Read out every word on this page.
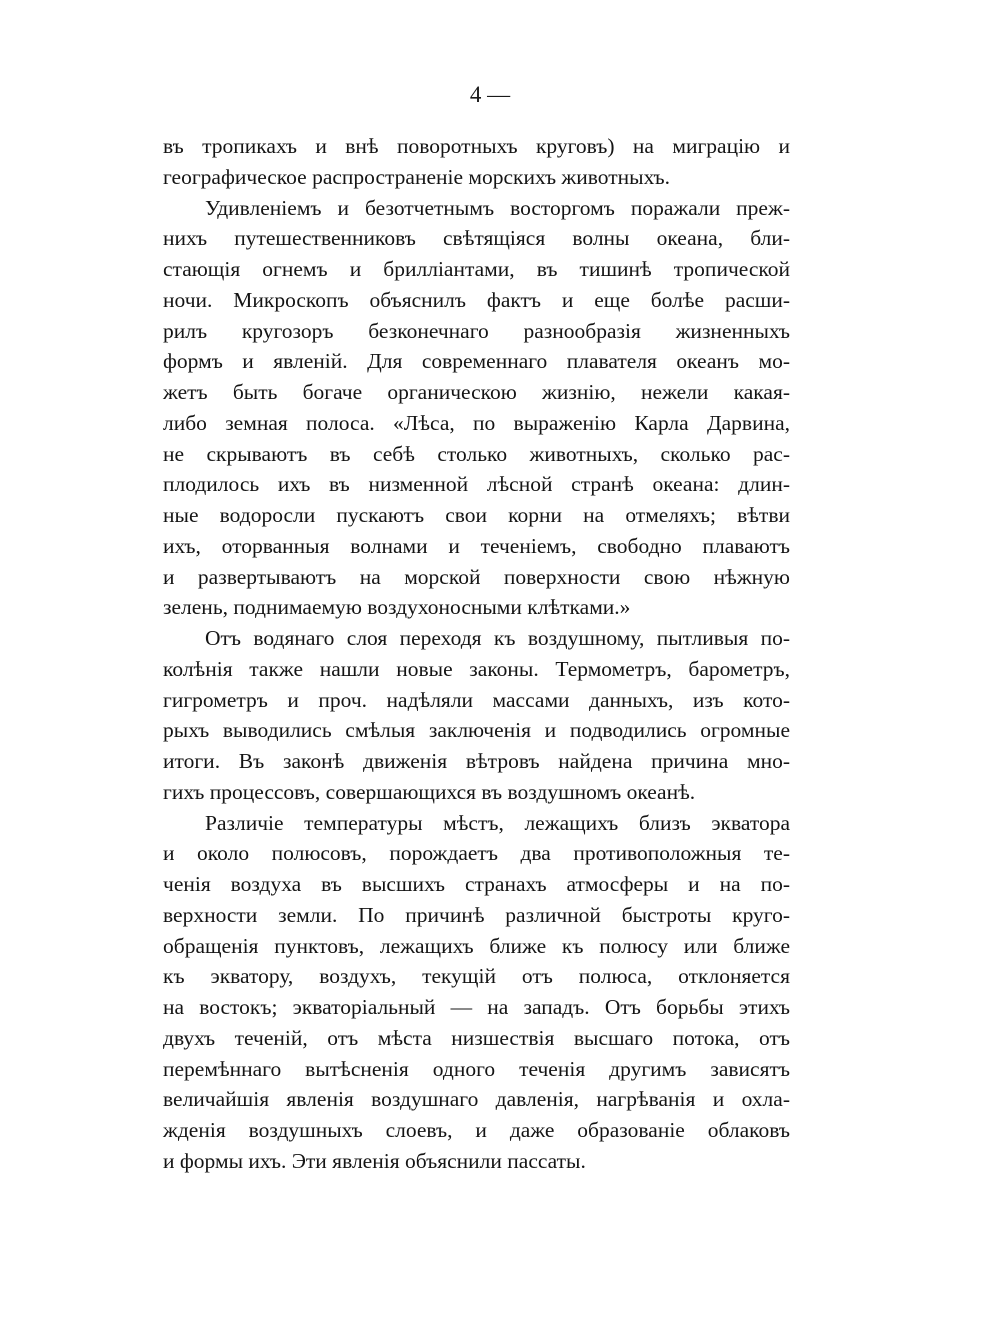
4 —
въ тропикахъ и внѣ поворотныхъ круговъ) на миграцію и
географическое распространеніе морскихъ животныхъ.
Удивленіемъ и безотчетнымъ восторгомъ поражали преж-
нихъ путешественниковъ свѣтящіяся волны океана, бли-
стающія огнемъ и бриллiантами, въ тишинѣ тропической
ночи. Микроскопъ объяснилъ фактъ и еще болѣе расши-
рилъ кругозоръ безконечнаго разнообразія жизненныхъ
формъ и явленій. Для современнаго плавателя океанъ мо-
жетъ быть богаче органическою жизнію, нежели какая-
либо земная полоса. «Лѣса, по выраженію Карла Дарвина,
не скрываютъ въ себѣ столько животныхъ, сколько рас-
плодилось ихъ въ низменной лѣсной странѣ океана: длин-
ные водоросли пускаютъ свои корни на отмеляхъ; вѣтви
ихъ, оторванныя волнами и теченіемъ, свободно плаваютъ
и развертываютъ на морской поверхности свою нѣжную
зелень, поднимаемую воздухоносными клѣтками.»
Отъ водянаго слоя переходя къ воздушному, пытливыя по-
колѣнія также нашли новые законы. Термометръ, барометръ,
гигрометръ и проч. надѣляли массами данныхъ, изъ кото-
рыхъ выводились смѣлыя заключенія и подводились огромные
итоги. Въ законѣ движенія вѣтровъ найдена причина мно-
гихъ процессовъ, совершающихся въ воздушномъ океанѣ.
Различіе температуры мѣстъ, лежащихъ близъ экватора
и около полюсовъ, порождаетъ два противоположныя те-
ченія воздуха въ высшихъ странахъ атмосферы и на по-
верхности земли. По причинѣ различной быстроты круго-
обращенія пунктовъ, лежащихъ ближе къ полюсу или ближе
къ экватору, воздухъ, текущій отъ полюса, отклоняется
на востокъ; экваторіальный — на западъ. Отъ борьбы этихъ
двухъ теченій, отъ мѣста низшествія высшаго потока, отъ
перемѣннаго вытѣсненія одного теченія другимъ зависятъ
величайшія явленія воздушнаго давленія, нагрѣванія и охла-
жденія воздушныхъ слоевъ, и даже образованіе облаковъ
и формы ихъ. Эти явленія объяснили пассаты.
